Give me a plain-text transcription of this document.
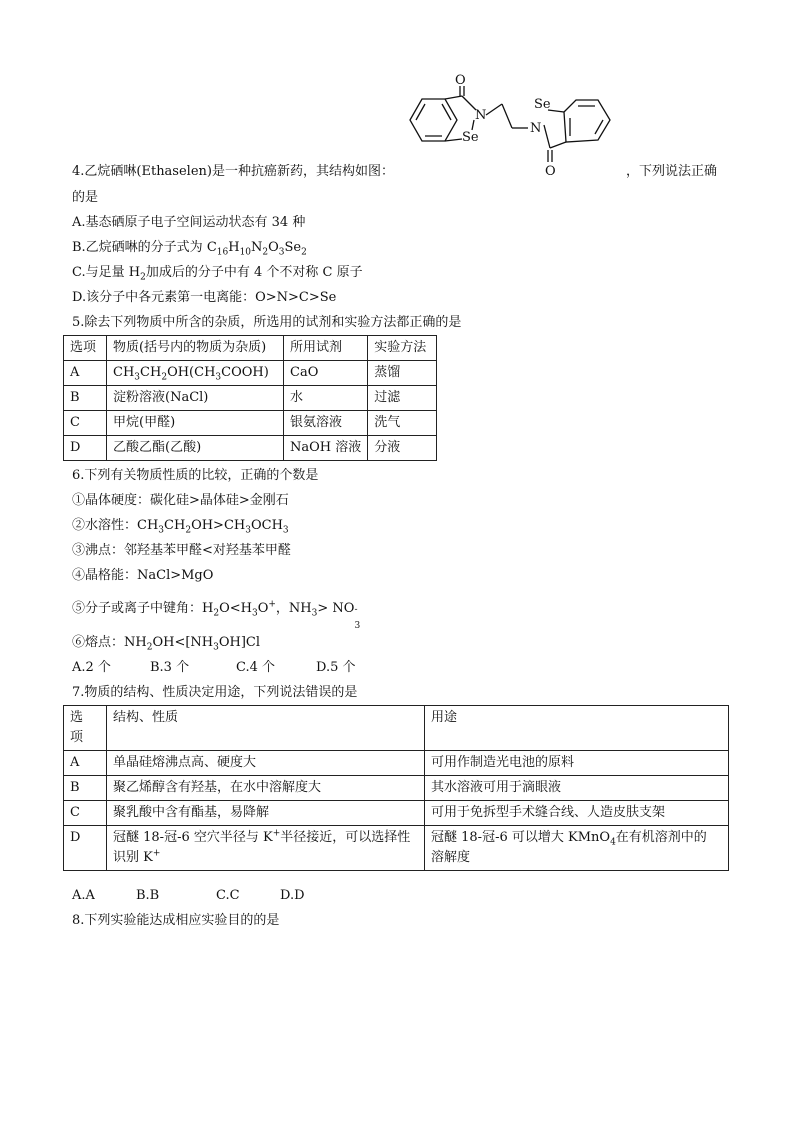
O
N
Se
Se
N
O
4.乙烷硒啉(Ethaselen)是一种抗癌新药，其结构如图：	，下列说法正确
的是
A.基态硒原子电子空间运动状态有 34 种
B.乙烷硒啉的分子式为 $C_{16}H_{10}N_2O_3Se_2$
C.与足量 $H_2$加成后的分子中有 4 个不对称 C 原子
D.该分子中各元素第一电离能：O>N>C>Se
5.除去下列物质中所含的杂质，所选用的试剂和实验方法都正确的是
选项	物质(括号内的物质为杂质)	所用试剂	实验方法
A	$CH_3CH_2OH(CH_3COOH)$	CaO	蒸馏
B	淀粉溶液(NaCl)	水	过滤
C	甲烷(甲醛)	银氨溶液	洗气
D	乙酸乙酯(乙酸)	NaOH 溶液	分液
6.下列有关物质性质的比较，正确的个数是
①晶体硬度：碳化硅>晶体硅>金刚石
②水溶性：$CH_3CH_2OH>CH_3OCH_3$
③沸点：邻羟基苯甲醛<对羟基苯甲醛
④晶格能：NaCl>MgO
⑤分子或离子中键角：$H_2O<H_3O^+$，$NH_3>$ NO -
3
⑥熔点：$NH_2OH<[NH_3OH]Cl$
A.2 个	B.3 个	C.4 个	D.5 个
7.物质的结构、性质决定用途，下列说法错误的是
选
项	结构、性质	用途
A	单晶硅熔沸点高、硬度大	可用作制造光电池的原料
B	聚乙烯醇含有羟基，在水中溶解度大	其水溶液可用于滴眼液
C	聚乳酸中含有酯基，易降解	可用于免拆型手术缝合线、人造皮肤支架
D	冠醚 18-冠-6 空穴半径与 K+半径接近，可以选择性
识别 K+	冠醚 18-冠-6 可以增大 KMnO$_4$在有机溶剂中的
溶解度
A.A	B.B	C.C	D.D
8.下列实验能达成相应实验目的的是
